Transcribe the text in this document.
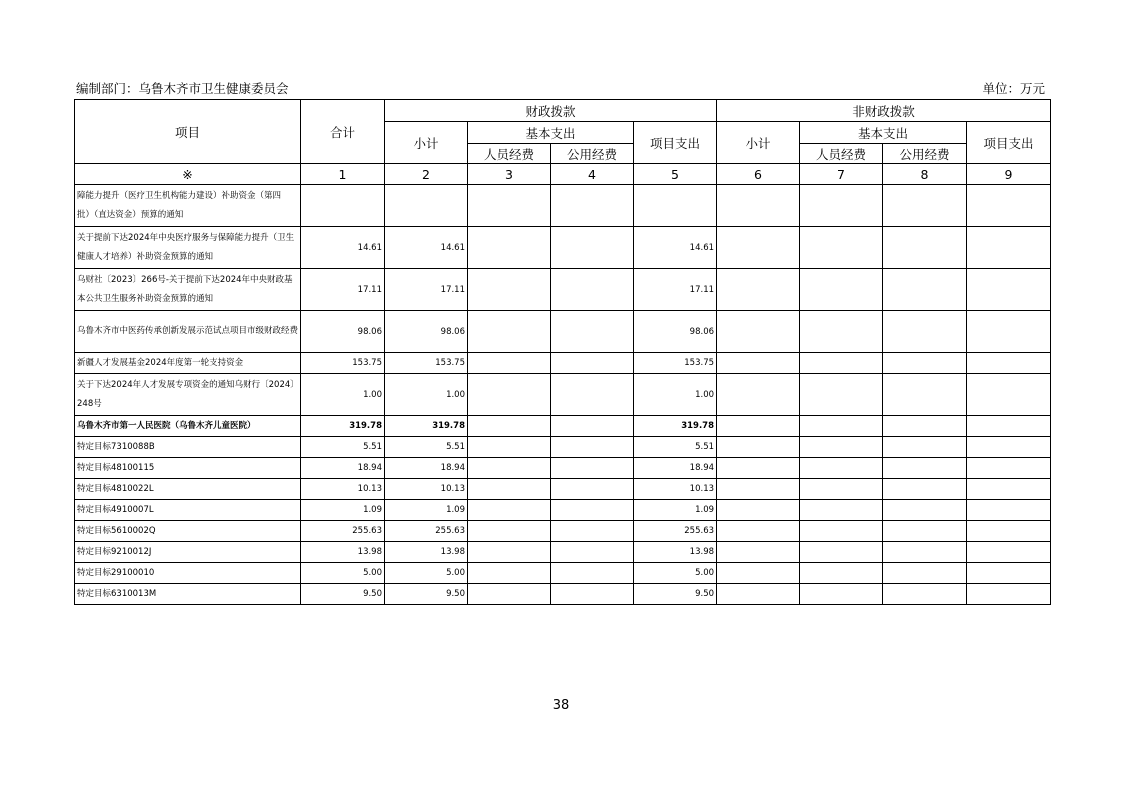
编制部门：乌鲁木齐市卫生健康委员会	单位：万元
项目	合计	财政拨款				非财政拨款			
		小计	基本支出		项目支出	小计	基本支出		项目支出
			人员经费	公用经费			人员经费	公用经费	
※	1	2	3	4	5	6	7	8	9
障能力提升（医疗卫生机构能力建设）补助资金（第四批）（直达资金）预算的通知									
关于提前下达2024年中央医疗服务与保障能力提升（卫生健康人才培养）补助资金预算的通知	14.61	14.61			14.61				
乌财社〔2023〕266号-关于提前下达2024年中央财政基本公共卫生服务补助资金预算的通知	17.11	17.11			17.11				
乌鲁木齐市中医药传承创新发展示范试点项目市级财政经费	98.06	98.06			98.06				
新疆人才发展基金2024年度第一轮支持资金	153.75	153.75			153.75				
关于下达2024年人才发展专项资金的通知乌财行〔2024〕248号	1.00	1.00			1.00				
乌鲁木齐市第一人民医院（乌鲁木齐儿童医院）	319.78	319.78			319.78				
特定目标7310088B	5.51	5.51			5.51				
特定目标48100115	18.94	18.94			18.94				
特定目标4810022L	10.13	10.13			10.13				
特定目标4910007L	1.09	1.09			1.09				
特定目标5610002Q	255.63	255.63			255.63				
特定目标9210012J	13.98	13.98			13.98				
特定目标29100010	5.00	5.00			5.00				
特定目标6310013M	9.50	9.50			9.50				
38
